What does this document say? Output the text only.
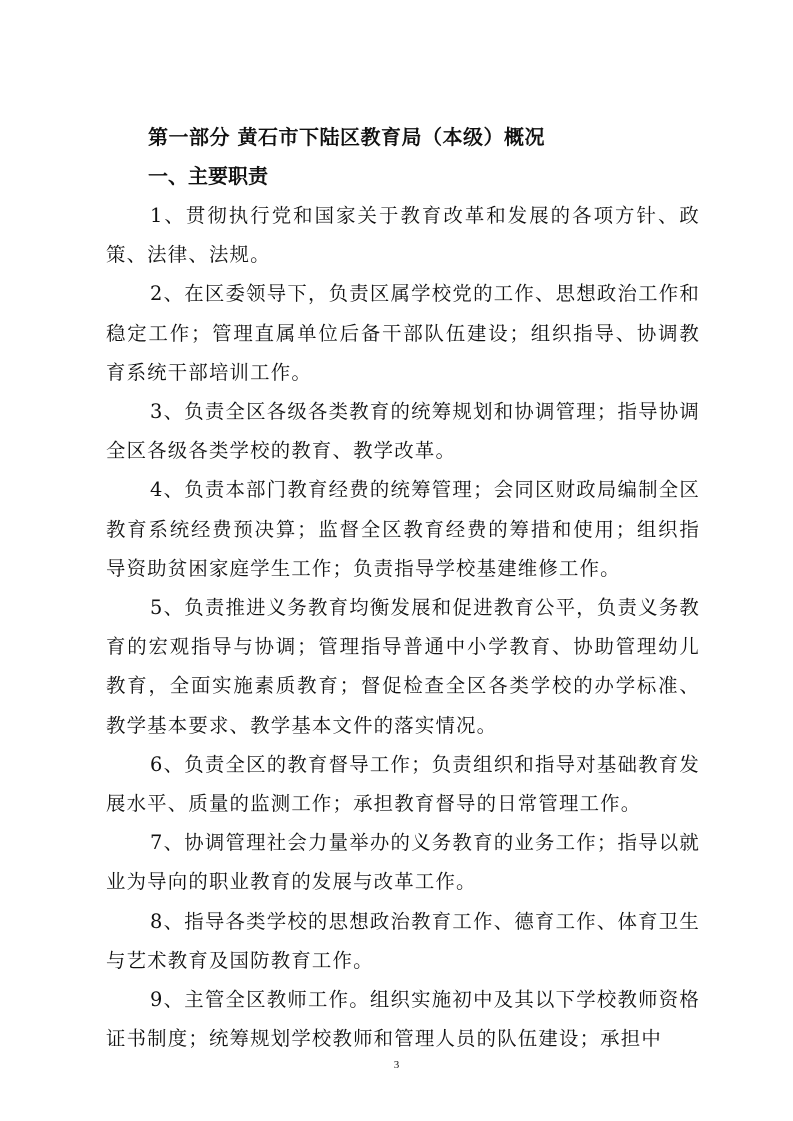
第一部分 黄石市下陆区教育局（本级）概况
一、主要职责

1、贯彻执行党和国家关于教育改革和发展的各项方针、政策、法律、法规。

2、在区委领导下，负责区属学校党的工作、思想政治工作和稳定工作；管理直属单位后备干部队伍建设；组织指导、协调教育系统干部培训工作。

3、负责全区各级各类教育的统筹规划和协调管理；指导协调全区各级各类学校的教育、教学改革。

4、负责本部门教育经费的统筹管理；会同区财政局编制全区教育系统经费预决算；监督全区教育经费的筹措和使用；组织指导资助贫困家庭学生工作；负责指导学校基建维修工作。

5、负责推进义务教育均衡发展和促进教育公平，负责义务教育的宏观指导与协调；管理指导普通中小学教育、协助管理幼儿教育，全面实施素质教育；督促检查全区各类学校的办学标准、教学基本要求、教学基本文件的落实情况。

6、负责全区的教育督导工作；负责组织和指导对基础教育发展水平、质量的监测工作；承担教育督导的日常管理工作。

7、协调管理社会力量举办的义务教育的业务工作；指导以就业为导向的职业教育的发展与改革工作。

8、指导各类学校的思想政治教育工作、德育工作、体育卫生与艺术教育及国防教育工作。

9、主管全区教师工作。组织实施初中及其以下学校教师资格证书制度；统筹规划学校教师和管理人员的队伍建设；承担中

3
